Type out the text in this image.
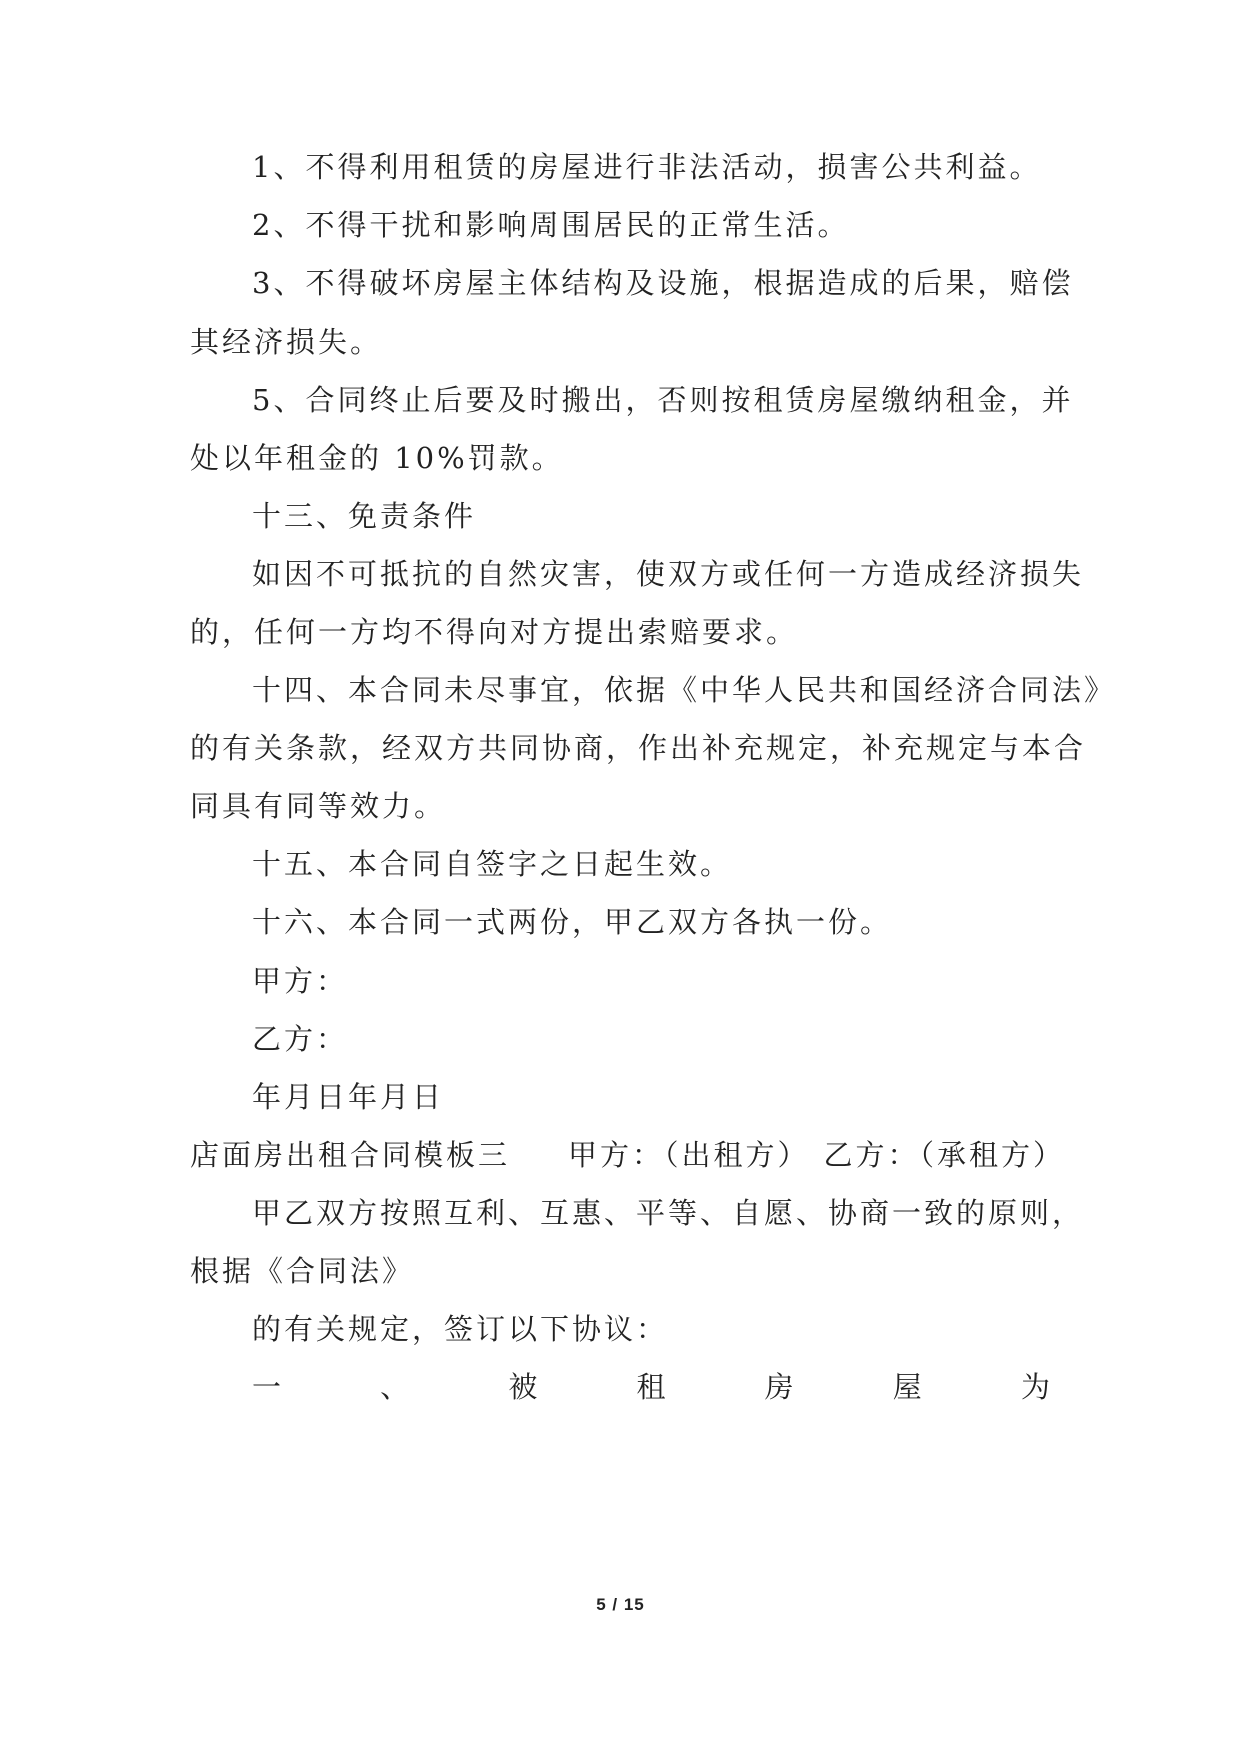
1、不得利用租赁的房屋进行非法活动，损害公共利益。
2、不得干扰和影响周围居民的正常生活。
3、不得破坏房屋主体结构及设施，根据造成的后果，赔偿
其经济损失。
5、合同终止后要及时搬出，否则按租赁房屋缴纳租金，并
处以年租金的 10%罚款。
十三、免责条件
如因不可抵抗的自然灾害，使双方或任何一方造成经济损失
的，任何一方均不得向对方提出索赔要求。
十四、本合同未尽事宜，依据《中华人民共和国经济合同法》
的有关条款，经双方共同协商，作出补充规定，补充规定与本合
同具有同等效力。
十五、本合同自签字之日起生效。
十六、本合同一式两份，甲乙双方各执一份。
甲方：
乙方：
年月日年月日
店面房出租合同模板三 甲方：（出租方） 乙方：（承租方）
甲乙双方按照互利、互惠、平等、自愿、协商一致的原则，
根据《合同法》
的有关规定，签订以下协议：
一	、	被	租	房	屋	为
5 / 15
